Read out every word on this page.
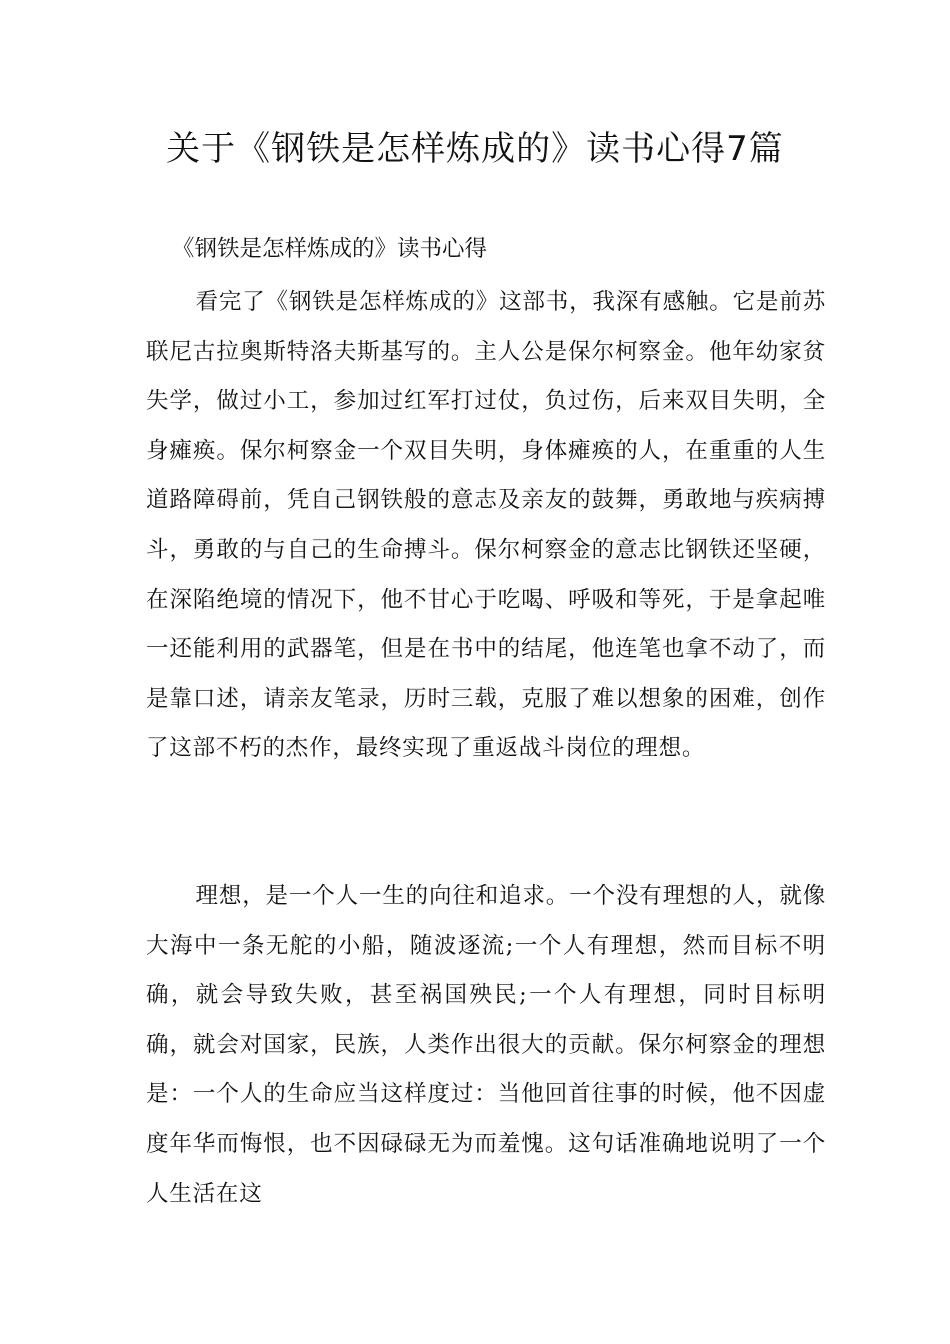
关于《钢铁是怎样炼成的》读书心得7篇

《钢铁是怎样炼成的》读书心得

看完了《钢铁是怎样炼成的》这部书，我深有感触。它是前苏联尼古拉奥斯特洛夫斯基写的。主人公是保尔柯察金。他年幼家贫失学，做过小工，参加过红军打过仗，负过伤，后来双目失明，全身瘫痪。保尔柯察金一个双目失明，身体瘫痪的人，在重重的人生道路障碍前，凭自己钢铁般的意志及亲友的鼓舞，勇敢地与疾病搏斗，勇敢的与自己的生命搏斗。保尔柯察金的意志比钢铁还坚硬，在深陷绝境的情况下，他不甘心于吃喝、呼吸和等死，于是拿起唯一还能利用的武器笔，但是在书中的结尾，他连笔也拿不动了，而是靠口述，请亲友笔录，历时三载，克服了难以想象的困难，创作了这部不朽的杰作，最终实现了重返战斗岗位的理想。

理想，是一个人一生的向往和追求。一个没有理想的人，就像大海中一条无舵的小船，随波逐流;一个人有理想，然而目标不明确，就会导致失败，甚至祸国殃民;一个人有理想，同时目标明确，就会对国家，民族，人类作出很大的贡献。保尔柯察金的理想是：一个人的生命应当这样度过：当他回首往事的时候，他不因虚度年华而悔恨，也不因碌碌无为而羞愧。这句话准确地说明了一个人生活在这
